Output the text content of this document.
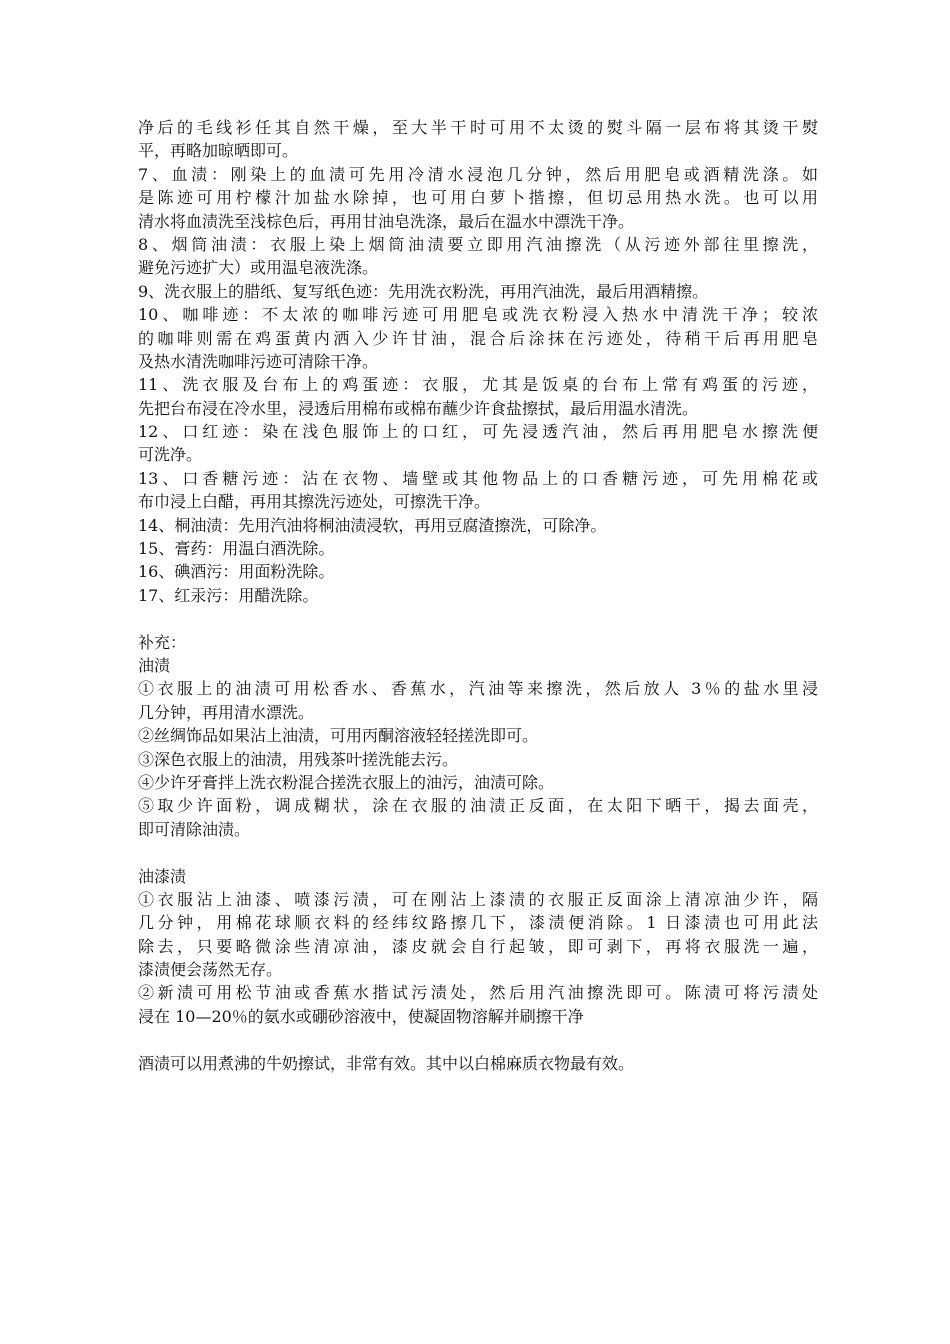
净后的毛线衫任其自然干燥，至大半干时可用不太烫的熨斗隔一层布将其烫干熨
平，再略加晾晒即可。
7、血渍：刚染上的血渍可先用冷清水浸泡几分钟，然后用肥皂或酒精洗涤。如
是陈迹可用柠檬汁加盐水除掉，也可用白萝卜揩擦，但切忌用热水洗。也可以用
清水将血渍洗至浅棕色后，再用甘油皂洗涤，最后在温水中漂洗干净。
8、烟筒油渍：衣服上染上烟筒油渍要立即用汽油擦洗（从污迹外部往里擦洗，
避免污迹扩大）或用温皂液洗涤。
9、洗衣服上的腊纸、复写纸色迹：先用洗衣粉洗，再用汽油洗，最后用酒精擦。
10、咖啡迹：不太浓的咖啡污迹可用肥皂或洗衣粉浸入热水中清洗干净；较浓
的咖啡则需在鸡蛋黄内洒入少许甘油，混合后涂抹在污迹处，待稍干后再用肥皂
及热水清洗咖啡污迹可清除干净。
11、洗衣服及台布上的鸡蛋迹：衣服，尤其是饭桌的台布上常有鸡蛋的污迹，
先把台布浸在冷水里，浸透后用棉布或棉布蘸少许食盐擦拭，最后用温水清洗。
12、口红迹：染在浅色服饰上的口红，可先浸透汽油，然后再用肥皂水擦洗便
可洗净。
13、口香糖污迹：沾在衣物、墙壁或其他物品上的口香糖污迹，可先用棉花或
布巾浸上白醋，再用其擦洗污迹处，可擦洗干净。
14、桐油渍：先用汽油将桐油渍浸软，再用豆腐渣擦洗，可除净。
15、膏药：用温白酒洗除。
16、碘酒污：用面粉洗除。
17、红汞污：用醋洗除。
补充：
油渍
①衣服上的油渍可用松香水、香蕉水，汽油等来擦洗，然后放人 3％的盐水里浸
几分钟，再用清水漂洗。
②丝绸饰品如果沾上油渍，可用丙酮溶液轻轻搓洗即可。
③深色衣服上的油渍，用残茶叶搓洗能去污。
④少许牙膏拌上洗衣粉混合搓洗衣服上的油污，油渍可除。
⑤取少许面粉，调成糊状，涂在衣服的油渍正反面，在太阳下晒干，揭去面壳，
即可清除油渍。
油漆渍
①衣服沾上油漆、喷漆污渍，可在刚沾上漆渍的衣服正反面涂上清凉油少许，隔
几分钟，用棉花球顺衣料的经纬纹路擦几下，漆渍便消除。1 日漆渍也可用此法
除去，只要略微涂些清凉油，漆皮就会自行起皱，即可剥下，再将衣服洗一遍，
漆渍便会荡然无存。
②新渍可用松节油或香蕉水揩试污渍处，然后用汽油擦洗即可。陈渍可将污渍处
浸在 10—20％的氨水或硼砂溶液中，使凝固物溶解并刷擦干净
酒渍可以用煮沸的牛奶擦试，非常有效。其中以白棉麻质衣物最有效。
